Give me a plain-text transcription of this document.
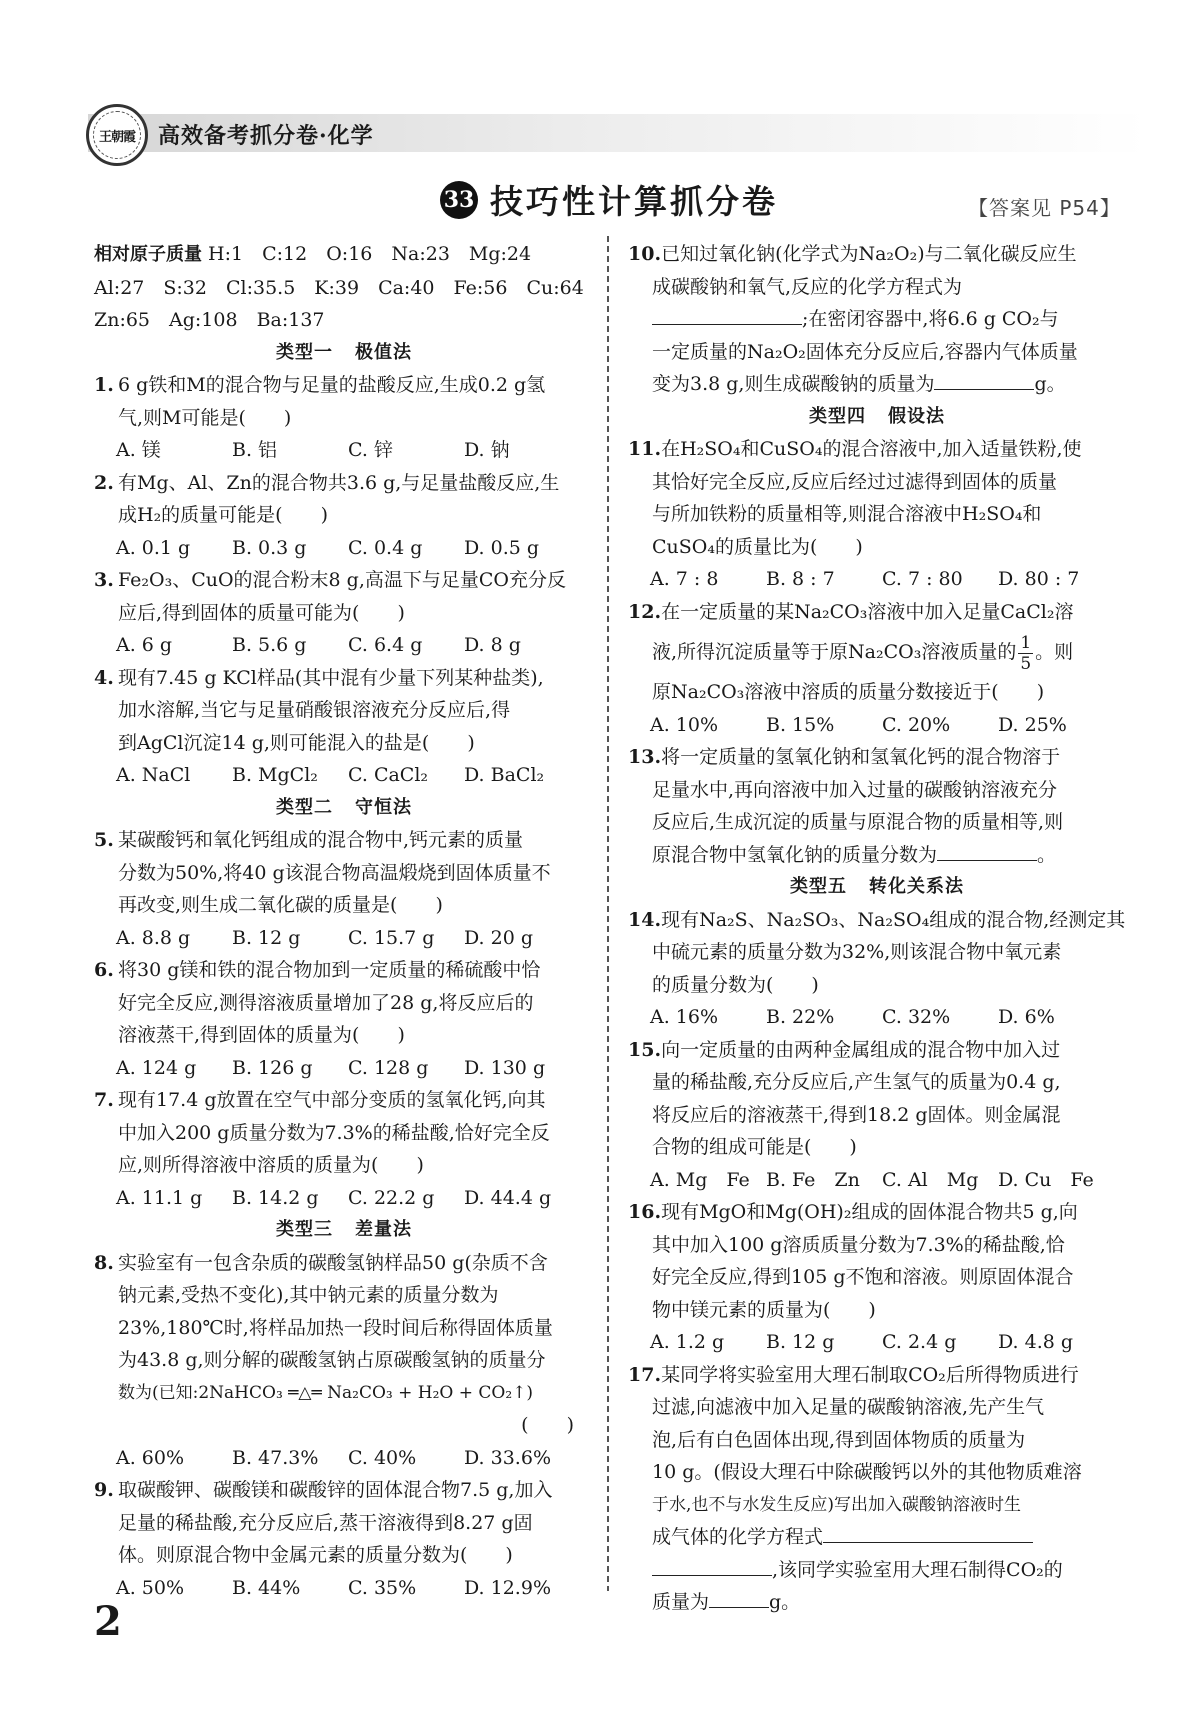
王朝霞 高效备考抓分卷·化学
33 技巧性计算抓分卷	【答案见 P54】
相对原子质量 H:1　C:12　O:16　Na:23　Mg:24
Al:27　S:32　Cl:35.5　K:39　Ca:40　Fe:56　Cu:64
Zn:65　Ag:108　Ba:137
类型一 极值法
1. 6 g铁和M的混合物与足量的盐酸反应,生成0.2 g氢
气,则M可能是(　　)
A. 镁	B. 铝	C. 锌	D. 钠
2. 有Mg、Al、Zn的混合物共3.6 g,与足量盐酸反应,生
成H₂的质量可能是(　　)
A. 0.1 g	B. 0.3 g	C. 0.4 g	D. 0.5 g
3. Fe₂O₃、CuO的混合粉末8 g,高温下与足量CO充分反
应后,得到固体的质量可能为(　　)
A. 6 g	B. 5.6 g	C. 6.4 g	D. 8 g
4. 现有7.45 g KCl样品(其中混有少量下列某种盐类),
加水溶解,当它与足量硝酸银溶液充分反应后,得
到AgCl沉淀14 g,则可能混入的盐是(　　)
A. NaCl	B. MgCl₂	C. CaCl₂	D. BaCl₂
类型二 守恒法
5. 某碳酸钙和氧化钙组成的混合物中,钙元素的质量
分数为50%,将40 g该混合物高温煅烧到固体质量不
再改变,则生成二氧化碳的质量是(　　)
A. 8.8 g	B. 12 g	C. 15.7 g	D. 20 g
6. 将30 g镁和铁的混合物加到一定质量的稀硫酸中恰
好完全反应,测得溶液质量增加了28 g,将反应后的
溶液蒸干,得到固体的质量为(　　)
A. 124 g	B. 126 g	C. 128 g	D. 130 g
7. 现有17.4 g放置在空气中部分变质的氢氧化钙,向其
中加入200 g质量分数为7.3%的稀盐酸,恰好完全反
应,则所得溶液中溶质的质量为(　　)
A. 11.1 g	B. 14.2 g	C. 22.2 g	D. 44.4 g
类型三 差量法
8. 实验室有一包含杂质的碳酸氢钠样品50 g(杂质不含
钠元素,受热不变化),其中钠元素的质量分数为
23%,180℃时,将样品加热一段时间后称得固体质量
为43.8 g,则分解的碳酸氢钠占原碳酸氢钠的质量分
数为(已知:2NaHCO₃ ═△═ Na₂CO₃ + H₂O + CO₂↑)
(　　)
A. 60%	B. 47.3%	C. 40%	D. 33.6%
9. 取碳酸钾、碳酸镁和碳酸锌的固体混合物7.5 g,加入
足量的稀盐酸,充分反应后,蒸干溶液得到8.27 g固
体。则原混合物中金属元素的质量分数为(　　)
A. 50%	B. 44%	C. 35%	D. 12.9%
10.已知过氧化钠(化学式为Na₂O₂)与二氧化碳反应生
成碳酸钠和氧气,反应的化学方程式为
;在密闭容器中,将6.6 g CO₂与
一定质量的Na₂O₂固体充分反应后,容器内气体质量
变为3.8 g,则生成碳酸钠的质量为	g。
类型四 假设法
11.在H₂SO₄和CuSO₄的混合溶液中,加入适量铁粉,使
其恰好完全反应,反应后经过过滤得到固体的质量
与所加铁粉的质量相等,则混合溶液中H₂SO₄和
CuSO₄的质量比为(　　)
A. 7 : 8	B. 8 : 7	C. 7 : 80	D. 80 : 7
12.在一定质量的某Na₂CO₃溶液中加入足量CaCl₂溶
液,所得沉淀质量等于原Na₂CO₃溶液质量的 $\frac{1}{5}$ 。则
原Na₂CO₃溶液中溶质的质量分数接近于(　　)
A. 10%	B. 15%	C. 20%	D. 25%
13.将一定质量的氢氧化钠和氢氧化钙的混合物溶于
足量水中,再向溶液中加入过量的碳酸钠溶液充分
反应后,生成沉淀的质量与原混合物的质量相等,则
原混合物中氢氧化钠的质量分数为	。
类型五 转化关系法
14.现有Na₂S、Na₂SO₃、Na₂SO₄组成的混合物,经测定其
中硫元素的质量分数为32%,则该混合物中氧元素
的质量分数为(　　)
A. 16%	B. 22%	C. 32%	D. 6%
15.向一定质量的由两种金属组成的混合物中加入过
量的稀盐酸,充分反应后,产生氢气的质量为0.4 g,
将反应后的溶液蒸干,得到18.2 g固体。则金属混
合物的组成可能是(　　)
A. Mg　Fe B. Fe　Zn	C. Al　Mg	D. Cu　Fe
16.现有MgO和Mg(OH)₂组成的固体混合物共5 g,向
其中加入100 g溶质质量分数为7.3%的稀盐酸,恰
好完全反应,得到105 g不饱和溶液。则原固体混合
物中镁元素的质量为(　　)
A. 1.2 g	B. 12 g	C. 2.4 g	D. 4.8 g
17.某同学将实验室用大理石制取CO₂后所得物质进行
过滤,向滤液中加入足量的碳酸钠溶液,先产生气
泡,后有白色固体出现,得到固体物质的质量为
10 g。(假设大理石中除碳酸钙以外的其他物质难溶
于水,也不与水发生反应)写出加入碳酸钠溶液时生
成气体的化学方程式
,该同学实验室用大理石制得CO₂的
质量为	g。
2
